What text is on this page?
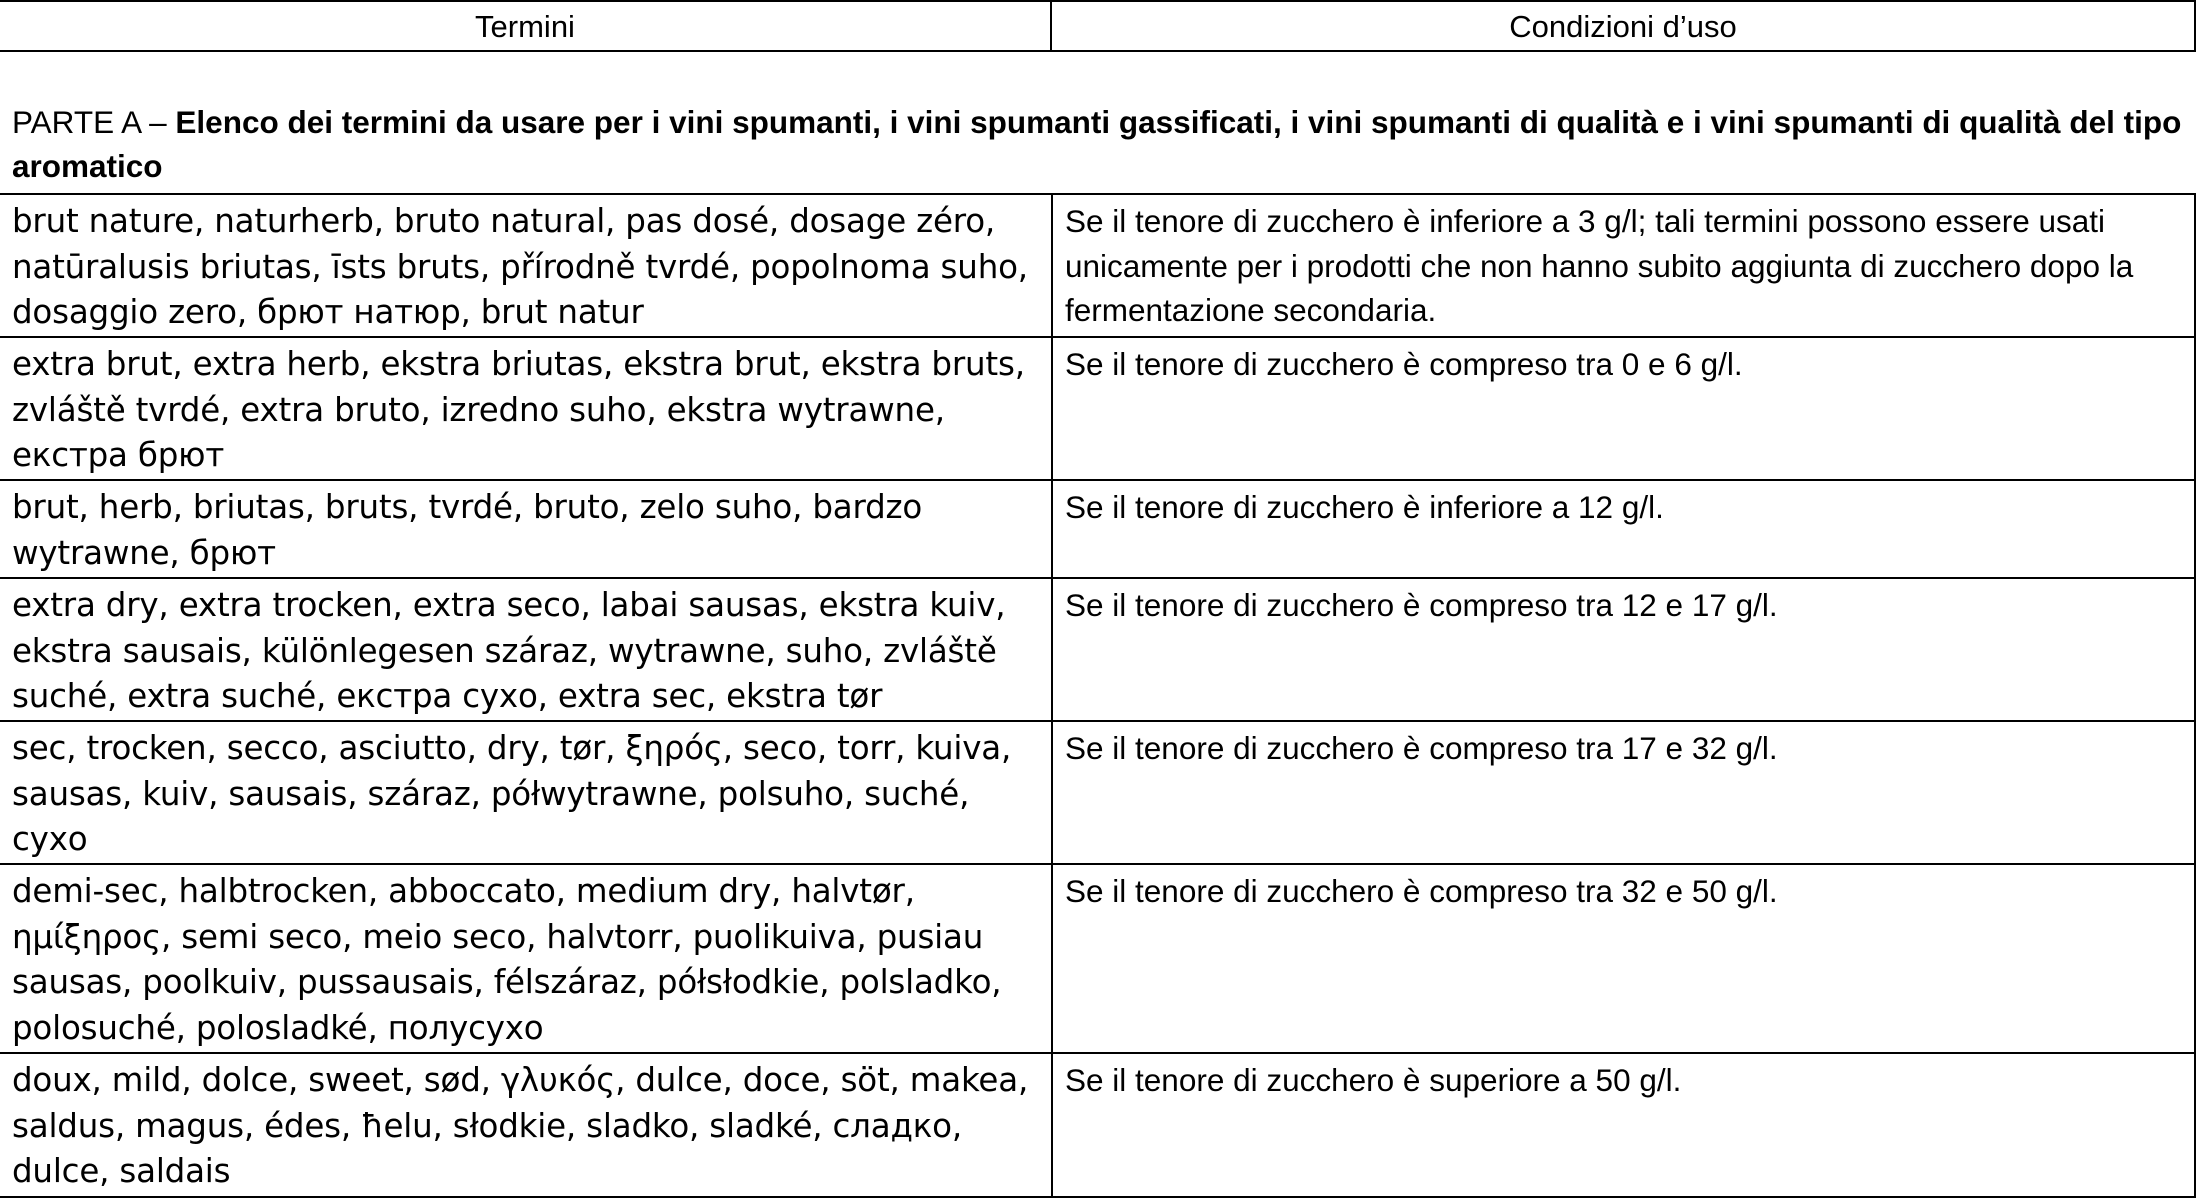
Termini	Condizioni d’uso
PARTE A – Elenco dei termini da usare per i vini spumanti, i vini spumanti gassificati, i vini spumanti di qualità e i vini spumanti di qualità del tipo aromatico
brut nature, naturherb, bruto natural, pas dosé, dosage zéro, natūralusis briutas, īsts bruts, přírodně tvrdé, popolnoma suho, dosaggio zero, брют натюр, brut natur	Se il tenore di zucchero è inferiore a 3 g/l; tali termini possono essere usati unicamente per i prodotti che non hanno subito aggiunta di zucchero dopo la fermentazione secondaria.
extra brut, extra herb, ekstra briutas, ekstra brut, ekstra bruts, zvláště tvrdé, extra bruto, izredno suho, ekstra wytrawne, екстра брют	Se il tenore di zucchero è compreso tra 0 e 6 g/l.
brut, herb, briutas, bruts, tvrdé, bruto, zelo suho, bardzo wytrawne, брют	Se il tenore di zucchero è inferiore a 12 g/l.
extra dry, extra trocken, extra seco, labai sausas, ekstra kuiv, ekstra sausais, különlegesen száraz, wytrawne, suho, zvláště suché, extra suché, екстра сухо, extra sec, ekstra tør	Se il tenore di zucchero è compreso tra 12 e 17 g/l.
sec, trocken, secco, asciutto, dry, tør, ξηρός, seco, torr, kuiva, sausas, kuiv, sausais, száraz, półwytrawne, polsuho, suché, сухо	Se il tenore di zucchero è compreso tra 17 e 32 g/l.
demi-sec, halbtrocken, abboccato, medium dry, halvtør, ημίξηρος, semi seco, meio seco, halvtorr, puolikuiva, pusiau sausas, poolkuiv, pussausais, félszáraz, półsłodkie, polsladko, polosuché, polosladké, полусухо	Se il tenore di zucchero è compreso tra 32 e 50 g/l.
doux, mild, dolce, sweet, sød, γλυκός, dulce, doce, söt, makea, saldus, magus, édes, ħelu, słodkie, sladko, sladké, сладко, dulce, saldais	Se il tenore di zucchero è superiore a 50 g/l.
